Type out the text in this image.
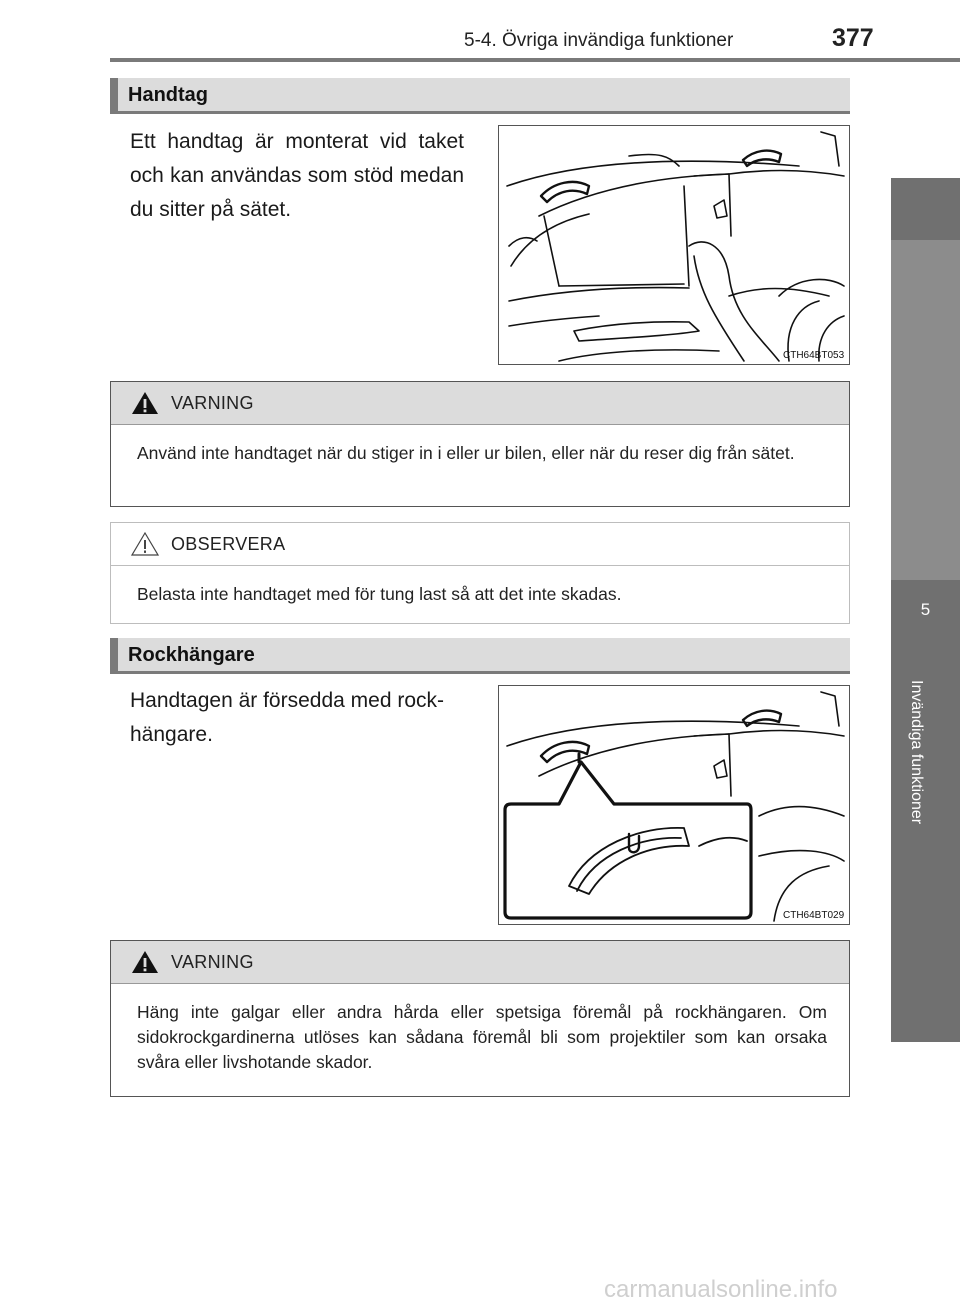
5-4. Övriga invändiga funktioner	377
5
Invändiga funktioner
Handtag
Ett handtag är monterat vid taket och kan användas som stöd medan du sitter på sätet.
CTH64BT053
VARNING
Använd inte handtaget när du stiger in i eller ur bilen, eller när du reser dig från sätet.
OBSERVERA
Belasta inte handtaget med för tung last så att det inte skadas.
Rockhängare
Handtagen är försedda med rock-hängare.
CTH64BT029
VARNING
Häng inte galgar eller andra hårda eller spetsiga föremål på rockhängaren. Om sidokrockgardinerna utlöses kan sådana föremål bli som projektiler som kan orsaka svåra eller livshotande skador.
carmanualsonline.info
